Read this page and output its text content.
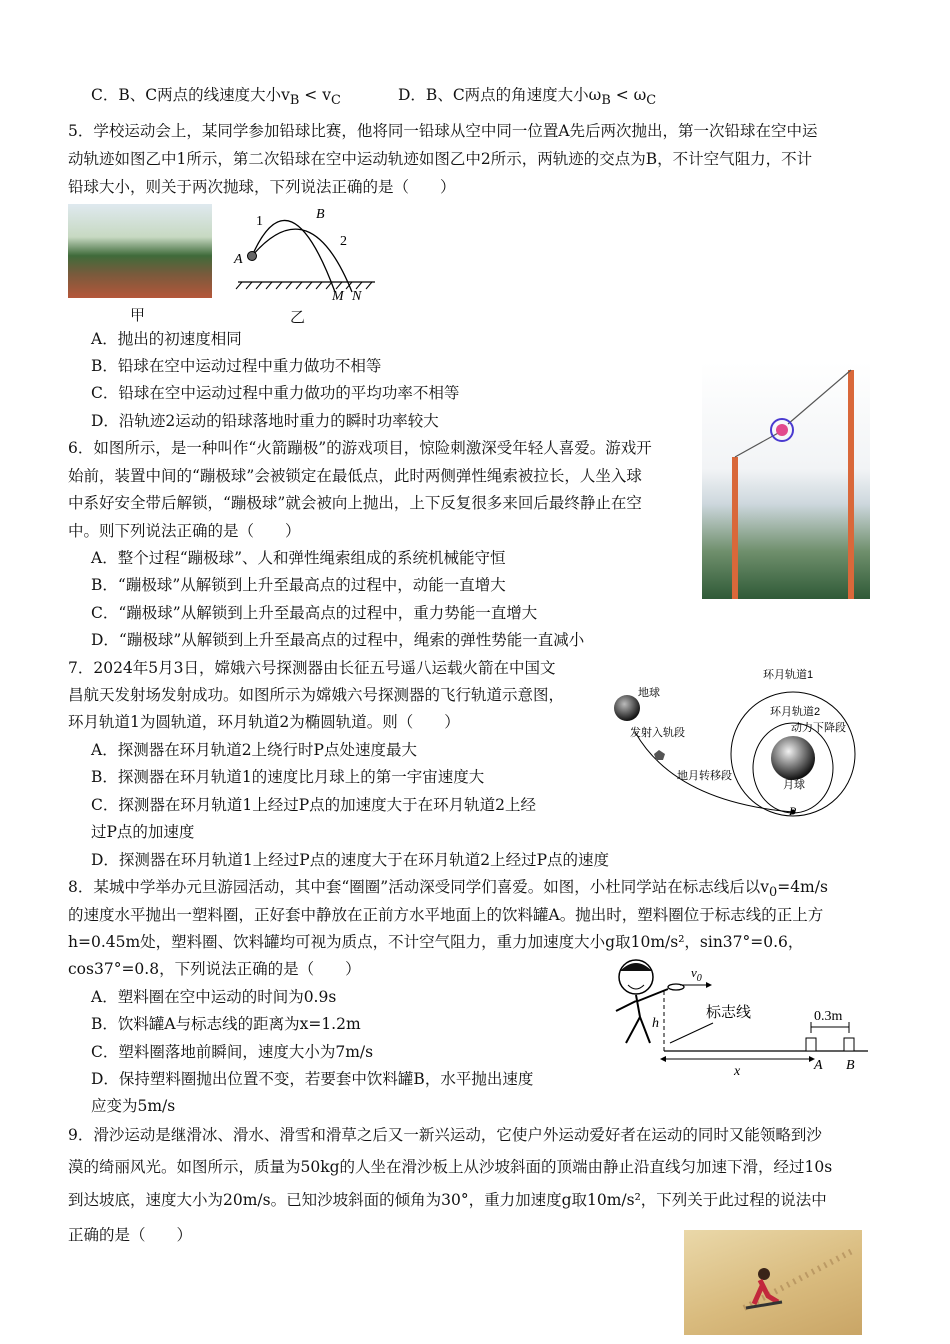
C．B、C两点的线速度大小$v_B < v_C$	D．B、C两点的角速度大小$\omega_B < \omega_C$
5．学校运动会上，某同学参加铅球比赛，他将同一铅球从空中同一位置A先后两次抛出，第一次铅球在空中运
动轨迹如图乙中1所示，第二次铅球在空中运动轨迹如图乙中2所示，两轨迹的交点为B，不计空气阻力，不计
铅球大小，则关于两次抛球，下列说法正确的是（　　）
甲
1	B
2
A
M N
乙
A．抛出的初速度相同
B．铅球在空中运动过程中重力做功不相等
C．铅球在空中运动过程中重力做功的平均功率不相等
D．沿轨迹2运动的铅球落地时重力的瞬时功率较大
6．如图所示，是一种叫作“火箭蹦极”的游戏项目，惊险刺激深受年轻人喜爱。游戏开
始前，装置中间的“蹦极球”会被锁定在最低点，此时两侧弹性绳索被拉长，人坐入球
中系好安全带后解锁，“蹦极球”就会被向上抛出，上下反复很多来回后最终静止在空
中。则下列说法正确的是（　　）
A．整个过程“蹦极球”、人和弹性绳索组成的系统机械能守恒
B．“蹦极球”从解锁到上升至最高点的过程中，动能一直增大
C．“蹦极球”从解锁到上升至最高点的过程中，重力势能一直增大
D．“蹦极球”从解锁到上升至最高点的过程中，绳索的弹性势能一直减小
7．2024年5月3日，嫦娥六号探测器由长征五号遥八运载火箭在中国文
昌航天发射场发射成功。如图所示为嫦娥六号探测器的飞行轨道示意图，
环月轨道1为圆轨道，环月轨道2为椭圆轨道。则（　　）
A．探测器在环月轨道2上绕行时P点处速度最大
B．探测器在环月轨道1的速度比月球上的第一宇宙速度大
C．探测器在环月轨道1上经过P点的加速度大于在环月轨道2上经
过P点的加速度
D．探测器在环月轨道1上经过P点的速度大于在环月轨道2上经过P点的速度
环月轨道1
环月轨道2
动力下降段
地球
发射入轨段
地月转移段
月球
P
8．某城中学举办元旦游园活动，其中套“圈圈”活动深受同学们喜爱。如图，小杜同学站在标志线后以$v_0=4m/s$
的速度水平抛出一塑料圈，正好套中静放在正前方水平地面上的饮料罐A。抛出时，塑料圈位于标志线的正上方
h=0.45m处，塑料圈、饮料罐均可视为质点，不计空气阻力，重力加速度大小g取10m/s²，sin37°=0.6，
cos37°=0.8，下列说法正确的是（　　）
A．塑料圈在空中运动的时间为0.9s
B．饮料罐A与标志线的距离为x=1.2m
C．塑料圈落地前瞬间，速度大小为7m/s
D．保持塑料圈抛出位置不变，若要套中饮料罐B，水平抛出速度
应变为5m/s
$v_0$
h
标志线	0.3m
x	A B
9．滑沙运动是继滑冰、滑水、滑雪和滑草之后又一新兴运动，它使户外运动爱好者在运动的同时又能领略到沙
漠的绮丽风光。如图所示，质量为50kg的人坐在滑沙板上从沙坡斜面的顶端由静止沿直线匀加速下滑，经过10s
到达坡底，速度大小为20m/s。已知沙坡斜面的倾角为30°，重力加速度g取10m/s²，下列关于此过程的说法中
正确的是（　　）
